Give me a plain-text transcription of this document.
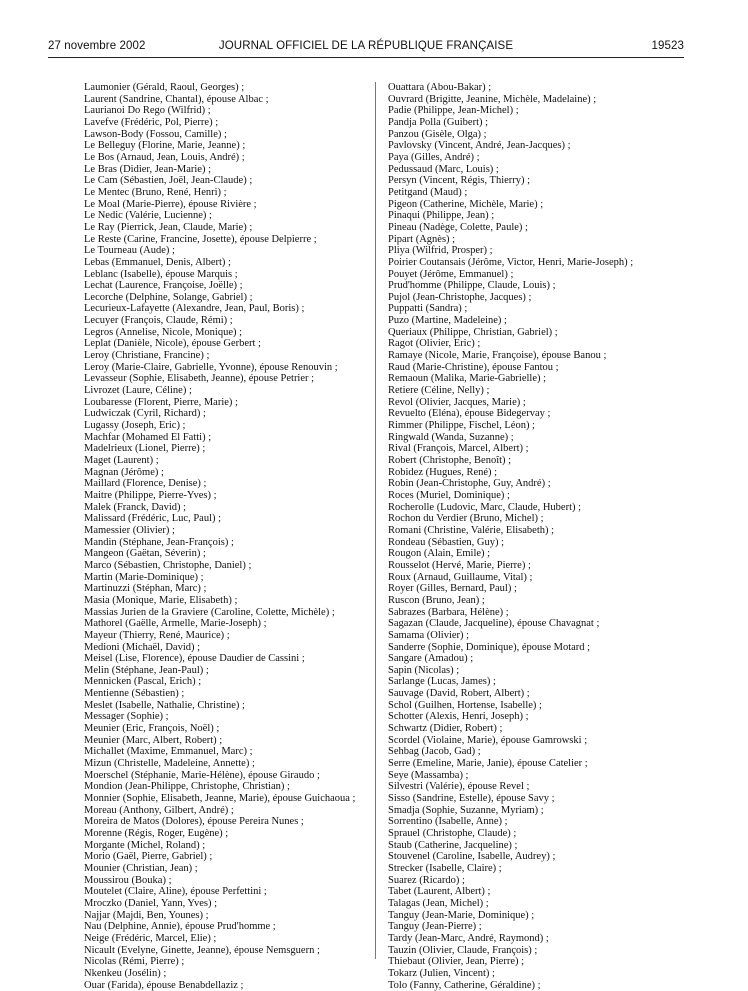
27 novembre 2002	JOURNAL OFFICIEL DE LA RÉPUBLIQUE FRANÇAISE	19523
Laumonier (Gérald, Raoul, Georges) ;
Laurent (Sandrine, Chantal), épouse Albac ;
Laurianoi Do Rego (Wilfrid) ;
Lavefve (Frédéric, Pol, Pierre) ;
Lawson-Body (Fossou, Camille) ;
Le Belleguy (Florine, Marie, Jeanne) ;
Le Bos (Arnaud, Jean, Louis, André) ;
Le Bras (Didier, Jean-Marie) ;
Le Cam (Sébastien, Joël, Jean-Claude) ;
Le Mentec (Bruno, René, Henri) ;
Le Moal (Marie-Pierre), épouse Rivière ;
Le Nedic (Valérie, Lucienne) ;
Le Ray (Pierrick, Jean, Claude, Marie) ;
Le Reste (Carine, Francine, Josette), épouse Delpierre ;
Le Tourneau (Aude) ;
Lebas (Emmanuel, Denis, Albert) ;
Leblanc (Isabelle), épouse Marquis ;
Lechat (Laurence, Françoise, Joëlle) ;
Lecorche (Delphine, Solange, Gabriel) ;
Lecurieux-Lafayette (Alexandre, Jean, Paul, Boris) ;
Lecuyer (François, Claude, Rémi) ;
Legros (Annelise, Nicole, Monique) ;
Leplat (Danièle, Nicole), épouse Gerbert ;
Leroy (Christiane, Francine) ;
Leroy (Marie-Claire, Gabrielle, Yvonne), épouse Renouvin ;
Levasseur (Sophie, Elisabeth, Jeanne), épouse Petrier ;
Livrozet (Laure, Céline) ;
Loubaresse (Florent, Pierre, Marie) ;
Ludwiczak (Cyril, Richard) ;
Lugassy (Joseph, Eric) ;
Machfar (Mohamed El Fatti) ;
Madelrieux (Lionel, Pierre) ;
Maget (Laurent) ;
Magnan (Jérôme) ;
Maillard (Florence, Denise) ;
Maitre (Philippe, Pierre-Yves) ;
Malek (Franck, David) ;
Malissard (Frédéric, Luc, Paul) ;
Mamessier (Olivier) ;
Mandin (Stéphane, Jean-François) ;
Mangeon (Gaëtan, Séverin) ;
Marco (Sébastien, Christophe, Daniel) ;
Martin (Marie-Dominique) ;
Martinuzzi (Stéphan, Marc) ;
Masia (Monique, Marie, Elisabeth) ;
Massias Jurien de la Graviere (Caroline, Colette, Michèle) ;
Mathorel (Gaëlle, Armelle, Marie-Joseph) ;
Mayeur (Thierry, René, Maurice) ;
Medioni (Michaël, David) ;
Meisel (Lise, Florence), épouse Daudier de Cassini ;
Melin (Stéphane, Jean-Paul) ;
Mennicken (Pascal, Erich) ;
Mentienne (Sébastien) ;
Meslet (Isabelle, Nathalie, Christine) ;
Messager (Sophie) ;
Meunier (Eric, François, Noël) ;
Meunier (Marc, Albert, Robert) ;
Michallet (Maxime, Emmanuel, Marc) ;
Mizun (Christelle, Madeleine, Annette) ;
Moerschel (Stéphanie, Marie-Hélène), épouse Giraudo ;
Mondion (Jean-Philippe, Christophe, Christian) ;
Monnier (Sophie, Elisabeth, Jeanne, Marie), épouse Guichaoua ;
Moreau (Anthony, Gilbert, André) ;
Moreira de Matos (Dolores), épouse Pereira Nunes ;
Morenne (Régis, Roger, Eugène) ;
Morgante (Michel, Roland) ;
Morio (Gaël, Pierre, Gabriel) ;
Mounier (Christian, Jean) ;
Moussirou (Bouka) ;
Moutelet (Claire, Aline), épouse Perfettini ;
Mroczko (Daniel, Yann, Yves) ;
Najjar (Majdi, Ben, Younes) ;
Nau (Delphine, Annie), épouse Prud'homme ;
Neige (Frédéric, Marcel, Elie) ;
Nicault (Evelyne, Ginette, Jeanne), épouse Nemsguern ;
Nicolas (Rémi, Pierre) ;
Nkenkeu (Josélin) ;
Ouar (Farida), épouse Benabdellaziz ;
Ouattara (Abou-Bakar) ;
Ouvrard (Brigitte, Jeanine, Michèle, Madelaine) ;
Padie (Philippe, Jean-Michel) ;
Pandja Polla (Guibert) ;
Panzou (Gisèle, Olga) ;
Pavlovsky (Vincent, André, Jean-Jacques) ;
Paya (Gilles, André) ;
Pedussaud (Marc, Louis) ;
Persyn (Vincent, Régis, Thierry) ;
Petitgand (Maud) ;
Pigeon (Catherine, Michèle, Marie) ;
Pinaqui (Philippe, Jean) ;
Pineau (Nadège, Colette, Paule) ;
Pipart (Agnès) ;
Pliya (Wilfrid, Prosper) ;
Poirier Coutansais (Jérôme, Victor, Henri, Marie-Joseph) ;
Pouyet (Jérôme, Emmanuel) ;
Prud'homme (Philippe, Claude, Louis) ;
Pujol (Jean-Christophe, Jacques) ;
Puppatti (Sandra) ;
Puzo (Martine, Madeleine) ;
Queriaux (Philippe, Christian, Gabriel) ;
Ragot (Olivier, Eric) ;
Ramaye (Nicole, Marie, Françoise), épouse Banou ;
Raud (Marie-Christine), épouse Fantou ;
Remaoun (Malika, Marie-Gabrielle) ;
Retiere (Céline, Nelly) ;
Revol (Olivier, Jacques, Marie) ;
Revuelto (Eléna), épouse Bidegervay ;
Rimmer (Philippe, Fischel, Léon) ;
Ringwald (Wanda, Suzanne) ;
Rival (François, Marcel, Albert) ;
Robert (Christophe, Benoît) ;
Robidez (Hugues, René) ;
Robin (Jean-Christophe, Guy, André) ;
Roces (Muriel, Dominique) ;
Rocherolle (Ludovic, Marc, Claude, Hubert) ;
Rochon du Verdier (Bruno, Michel) ;
Romani (Christine, Valérie, Elisabeth) ;
Rondeau (Sébastien, Guy) ;
Rougon (Alain, Emile) ;
Rousselot (Hervé, Marie, Pierre) ;
Roux (Arnaud, Guillaume, Vital) ;
Royer (Gilles, Bernard, Paul) ;
Ruscon (Bruno, Jean) ;
Sabrazes (Barbara, Hélène) ;
Sagazan (Claude, Jacqueline), épouse Chavagnat ;
Samama (Olivier) ;
Sanderre (Sophie, Dominique), épouse Motard ;
Sangare (Amadou) ;
Sapin (Nicolas) ;
Sarlange (Lucas, James) ;
Sauvage (David, Robert, Albert) ;
Schol (Guilhen, Hortense, Isabelle) ;
Schotter (Alexis, Henri, Joseph) ;
Schwartz (Didier, Robert) ;
Scordel (Violaine, Marie), épouse Gamrowski ;
Sehbag (Jacob, Gad) ;
Serre (Emeline, Marie, Janie), épouse Catelier ;
Seye (Massamba) ;
Silvestri (Valérie), épouse Revel ;
Sisso (Sandrine, Estelle), épouse Savy ;
Smadja (Sophie, Suzanne, Myriam) ;
Sorrentino (Isabelle, Anne) ;
Sprauel (Christophe, Claude) ;
Staub (Catherine, Jacqueline) ;
Stouvenel (Caroline, Isabelle, Audrey) ;
Strecker (Isabelle, Claire) ;
Suarez (Ricardo) ;
Tabet (Laurent, Albert) ;
Talagas (Jean, Michel) ;
Tanguy (Jean-Marie, Dominique) ;
Tanguy (Jean-Pierre) ;
Tardy (Jean-Marc, André, Raymond) ;
Tauzin (Olivier, Claude, François) ;
Thiebaut (Olivier, Jean, Pierre) ;
Tokarz (Julien, Vincent) ;
Tolo (Fanny, Catherine, Géraldine) ;
